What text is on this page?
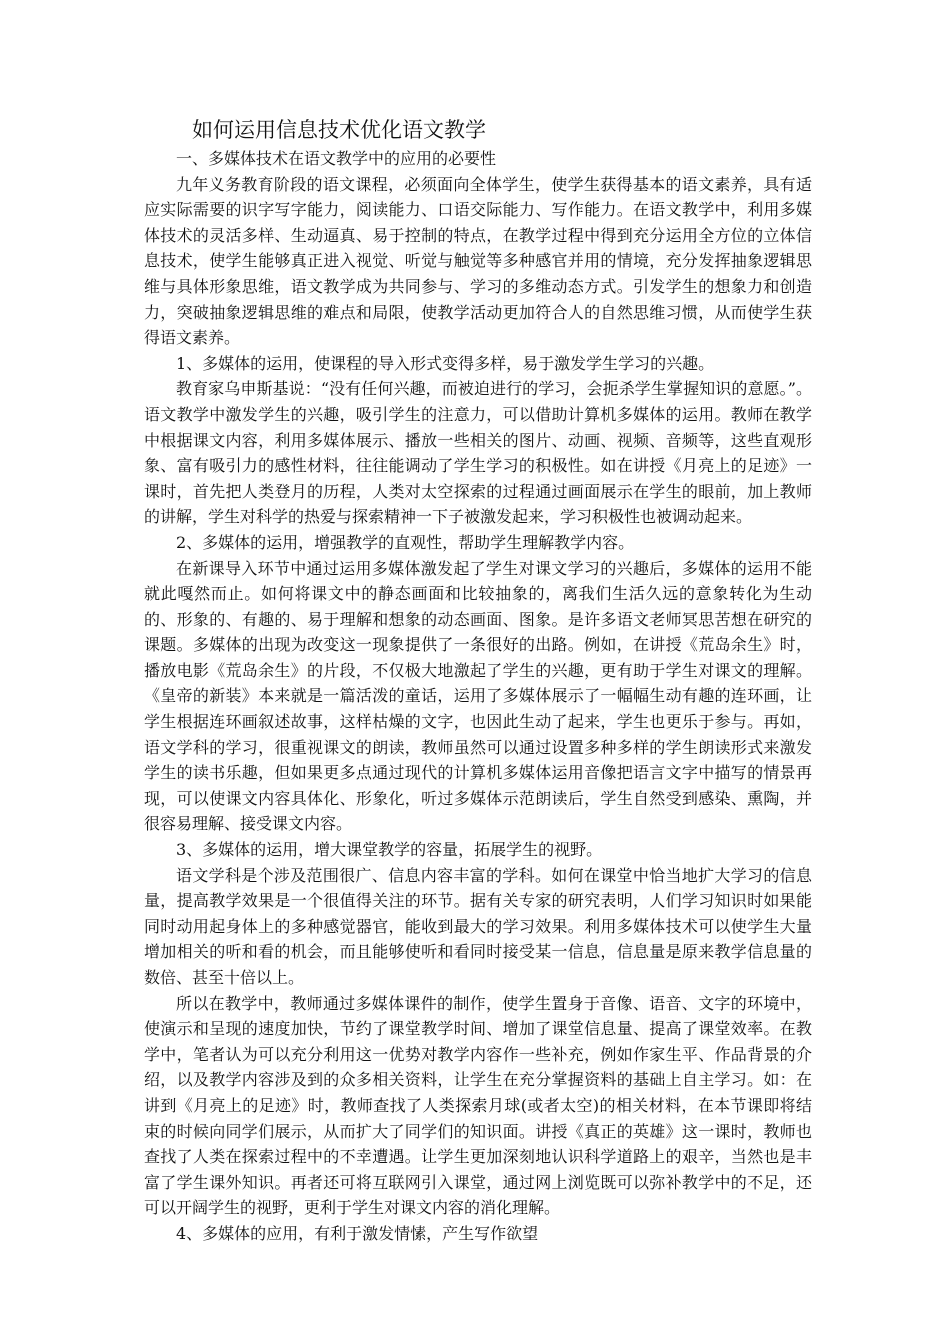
如何运用信息技术优化语文教学

一、多媒体技术在语文教学中的应用的必要性

九年义务教育阶段的语文课程，必须面向全体学生，使学生获得基本的语文素养，具有适应实际需要的识字写字能力，阅读能力、口语交际能力、写作能力。在语文教学中，利用多媒体技术的灵活多样、生动逼真、易于控制的特点，在教学过程中得到充分运用全方位的立体信息技术，使学生能够真正进入视觉、听觉与触觉等多种感官并用的情境，充分发挥抽象逻辑思维与具体形象思维，语文教学成为共同参与、学习的多维动态方式。引发学生的想象力和创造力，突破抽象逻辑思维的难点和局限，使教学活动更加符合人的自然思维习惯，从而使学生获得语文素养。

1、多媒体的运用，使课程的导入形式变得多样，易于激发学生学习的兴趣。

教育家乌申斯基说：“没有任何兴趣，而被迫进行的学习，会扼杀学生掌握知识的意愿。”。语文教学中激发学生的兴趣，吸引学生的注意力，可以借助计算机多媒体的运用。教师在教学中根据课文内容，利用多媒体展示、播放一些相关的图片、动画、视频、音频等，这些直观形象、富有吸引力的感性材料，往往能调动了学生学习的积极性。如在讲授《月亮上的足迹》一课时，首先把人类登月的历程，人类对太空探索的过程通过画面展示在学生的眼前，加上教师的讲解，学生对科学的热爱与探索精神一下子被激发起来，学习积极性也被调动起来。

2、多媒体的运用，增强教学的直观性，帮助学生理解教学内容。

在新课导入环节中通过运用多媒体激发起了学生对课文学习的兴趣后，多媒体的运用不能就此嘎然而止。如何将课文中的静态画面和比较抽象的，离我们生活久远的意象转化为生动的、形象的、有趣的、易于理解和想象的动态画面、图象。是许多语文老师冥思苦想在研究的课题。多媒体的出现为改变这一现象提供了一条很好的出路。例如，在讲授《荒岛余生》时，播放电影《荒岛余生》的片段，不仅极大地激起了学生的兴趣，更有助于学生对课文的理解。《皇帝的新装》本来就是一篇活泼的童话，运用了多媒体展示了一幅幅生动有趣的连环画，让学生根据连环画叙述故事，这样枯燥的文字，也因此生动了起来，学生也更乐于参与。再如，语文学科的学习，很重视课文的朗读，教师虽然可以通过设置多种多样的学生朗读形式来激发学生的读书乐趣，但如果更多点通过现代的计算机多媒体运用音像把语言文字中描写的情景再现，可以使课文内容具体化、形象化，听过多媒体示范朗读后，学生自然受到感染、熏陶，并很容易理解、接受课文内容。

3、多媒体的运用，增大课堂教学的容量，拓展学生的视野。

语文学科是个涉及范围很广、信息内容丰富的学科。如何在课堂中恰当地扩大学习的信息量，提高教学效果是一个很值得关注的环节。据有关专家的研究表明，人们学习知识时如果能同时动用起身体上的多种感觉器官，能收到最大的学习效果。利用多媒体技术可以使学生大量增加相关的听和看的机会，而且能够使听和看同时接受某一信息，信息量是原来教学信息量的数倍、甚至十倍以上。

所以在教学中，教师通过多媒体课件的制作，使学生置身于音像、语音、文字的环境中，使演示和呈现的速度加快，节约了课堂教学时间、增加了课堂信息量、提高了课堂效率。在教学中，笔者认为可以充分利用这一优势对教学内容作一些补充，例如作家生平、作品背景的介绍，以及教学内容涉及到的众多相关资料，让学生在充分掌握资料的基础上自主学习。如：在讲到《月亮上的足迹》时，教师查找了人类探索月球(或者太空)的相关材料，在本节课即将结束的时候向同学们展示，从而扩大了同学们的知识面。讲授《真正的英雄》这一课时，教师也查找了人类在探索过程中的不幸遭遇。让学生更加深刻地认识科学道路上的艰辛，当然也是丰富了学生课外知识。再者还可将互联网引入课堂，通过网上浏览既可以弥补教学中的不足，还可以开阔学生的视野，更利于学生对课文内容的消化理解。

4、多媒体的应用，有利于激发情愫，产生写作欲望
